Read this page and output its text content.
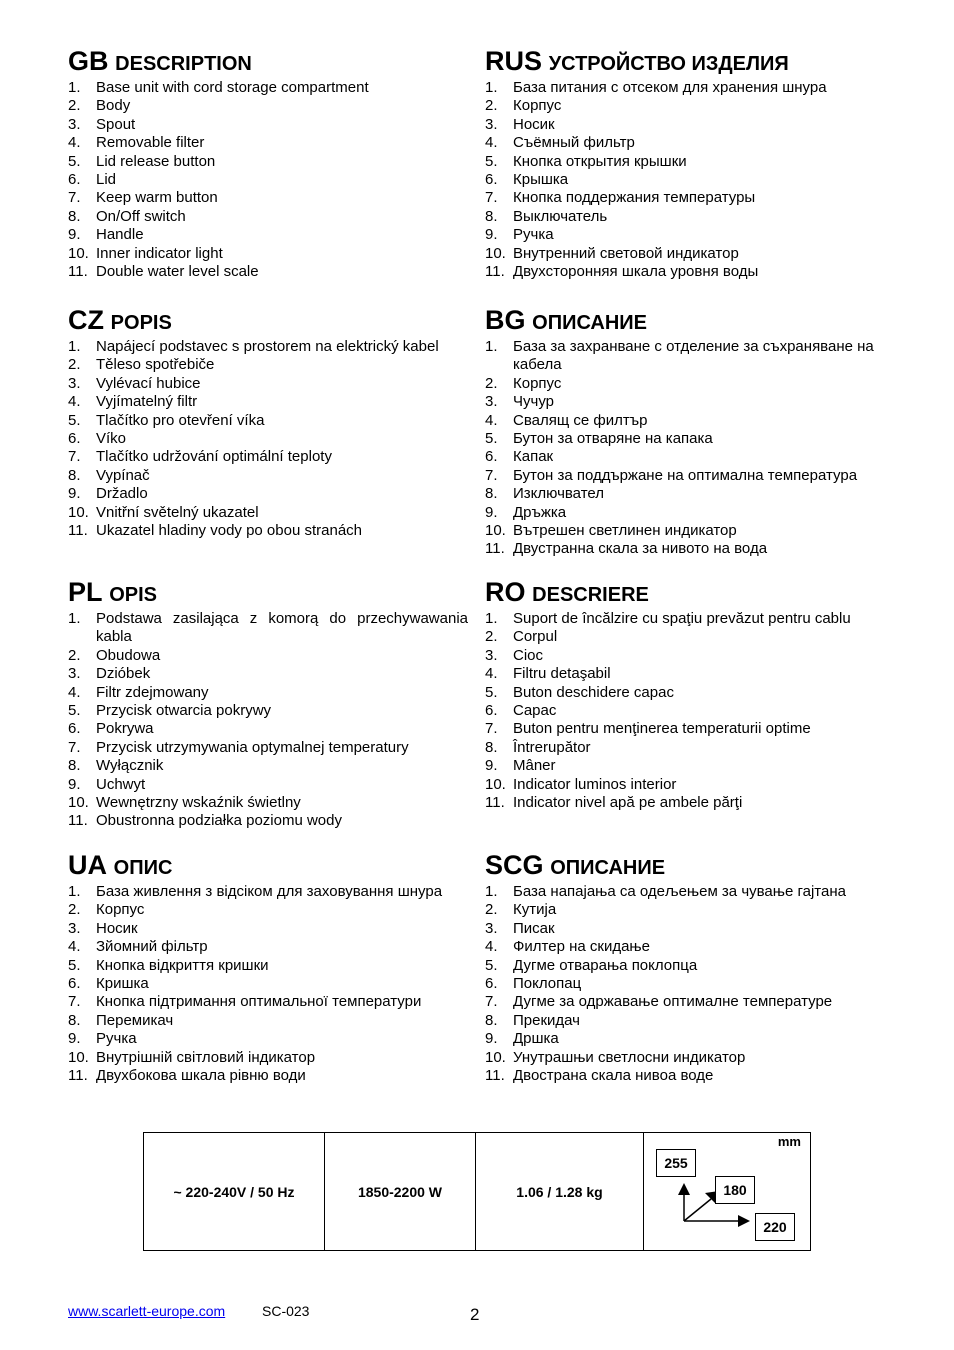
GB DESCRIPTION
1. Base unit with cord storage compartment
2. Body
3. Spout
4. Removable filter
5. Lid release button
6. Lid
7. Keep warm button
8. On/Off switch
9. Handle
10. Inner indicator light
11. Double water level scale
RUS УСТРОЙСТВО ИЗДЕЛИЯ
1. База питания с отсеком для хранения шнура
2. Корпус
3. Носик
4. Съёмный фильтр
5. Кнопка открытия крышки
6. Крышка
7. Кнопка поддержания температуры
8. Выключатель
9. Ручка
10. Внутренний световой индикатор
11. Двухсторонняя шкала уровня воды
CZ POPIS
1. Napájecí podstavec s prostorem na elektrický kabel
2. Těleso spotřebiče
3. Vylévací hubice
4. Vyjímatelný filtr
5. Tlačítko pro otevření víka
6. Víko
7. Tlačítko udržování optimální teploty
8. Vypínač
9. Držadlo
10. Vnitřní světelný ukazatel
11. Ukazatel hladiny vody po obou stranách
BG ОПИСАНИЕ
1. База за захранване с отделение за съхраняване на кабела
2. Корпус
3. Чучур
4. Свалящ се филтър
5. Бутон за отваряне на капака
6. Капак
7. Бутон за поддържане на оптимална температура
8. Изключвател
9. Дръжка
10. Вътрешен светлинен индикатор
11. Двустранна скала за нивото на вода
PL OPIS
1. Podstawa zasilająca z komorą do przechywawania kabla
2. Obudowa
3. Dzióbek
4. Filtr zdejmowany
5. Przycisk otwarcia pokrywy
6. Pokrywa
7. Przycisk utrzymywania optymalnej temperatury
8. Wyłącznik
9. Uchwyt
10. Wewnętrzny wskaźnik świetlny
11. Obustronna podziałka poziomu wody
RO DESCRIERE
1. Suport de încălzire cu spaţiu prevăzut pentru cablu
2. Corpul
3. Cioc
4. Filtru detaşabil
5. Buton deschidere capac
6. Capac
7. Buton pentru menţinerea temperaturii optime
8. Întrerupător
9. Mâner
10. Indicator luminos interior
11. Indicator nivel apă pe ambele părţi
UA ОПИС
1. База живлення з відсіком для заховування шнура
2. Корпус
3. Носик
4. Зйомний фільтр
5. Кнопка відкриття кришки
6. Кришка
7. Кнопка підтримання оптимальної температури
8. Перемикач
9. Ручка
10. Внутрішній світловий індикатор
11. Двухбокова шкала рівню води
SCG ОПИСАНИЕ
1. База напајања са одељењем за чување гајтана
2. Кутија
3. Писак
4. Филтер на скидање
5. Дугме отварања поклопца
6. Поклопац
7. Дугме за одржавање оптималне температуре
8. Прекидач
9. Дршка
10. Унутрашњи светлосни индикатор
11. Двострана скала нивоа воде
~ 220-240V / 50 Hz	1850-2200 W	1.06 / 1.28 kg	
mm
255
180
220
www.scarlett-europe.com	SC-023	2
